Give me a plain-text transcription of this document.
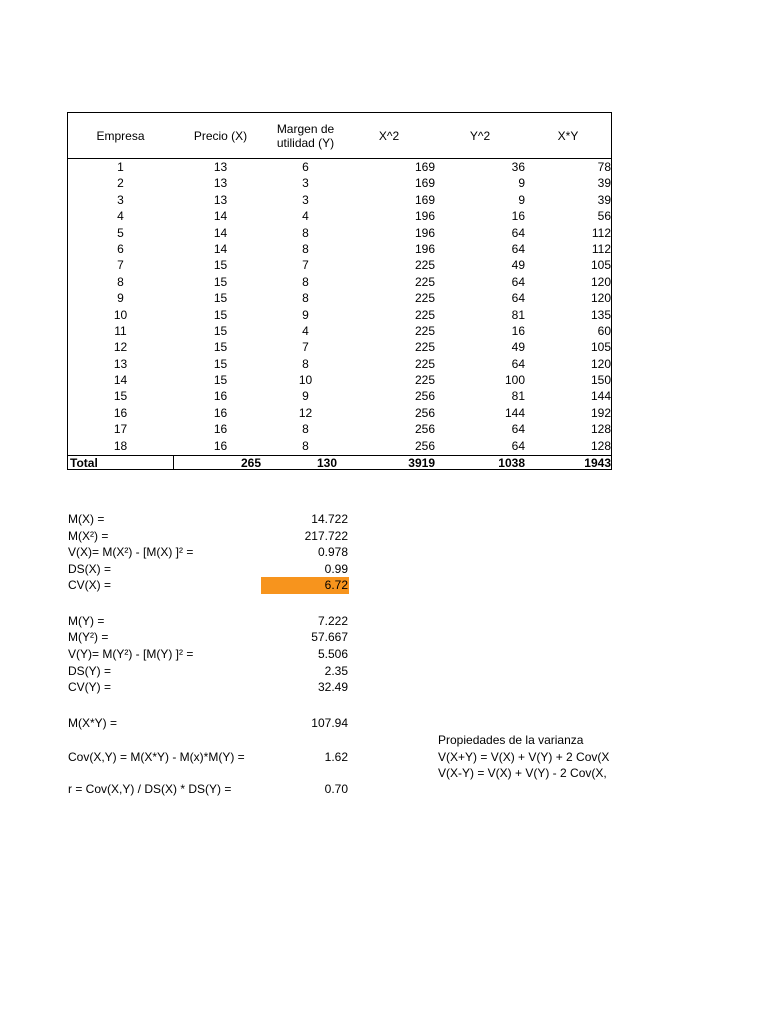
Empresa	Precio (X)	Margen de
utilidad (Y)	X^2	Y^2	X*Y
1	13	6	169	36	78
2	13	3	169	9	39
3	13	3	169	9	39
4	14	4	196	16	56
5	14	8	196	64	112
6	14	8	196	64	112
7	15	7	225	49	105
8	15	8	225	64	120
9	15	8	225	64	120
10	15	9	225	81	135
11	15	4	225	16	60
12	15	7	225	49	105
13	15	8	225	64	120
14	15	10	225	100	150
15	16	9	256	81	144
16	16	12	256	144	192
17	16	8	256	64	128
18	16	8	256	64	128
Total	265	130	3919	1038	1943
M(X) =	14.722
M(X²) =	217.722
V(X)= M(X²) - [M(X) ]² =	0.978
DS(X) =	0.99
CV(X) =	6.72
M(Y) =	7.222
M(Y²) =	57.667
V(Y)= M(Y²) - [M(Y) ]² =	5.506
DS(Y) =	2.35
CV(Y) =	32.49
M(X*Y) =	107.94
Cov(X,Y) = M(X*Y) - M(x)*M(Y) =	1.62
r = Cov(X,Y) / DS(X) * DS(Y) =	0.70
Propiedades de la varianza
V(X+Y) = V(X) + V(Y) + 2 Cov(X
V(X-Y) = V(X) + V(Y) - 2 Cov(X,
